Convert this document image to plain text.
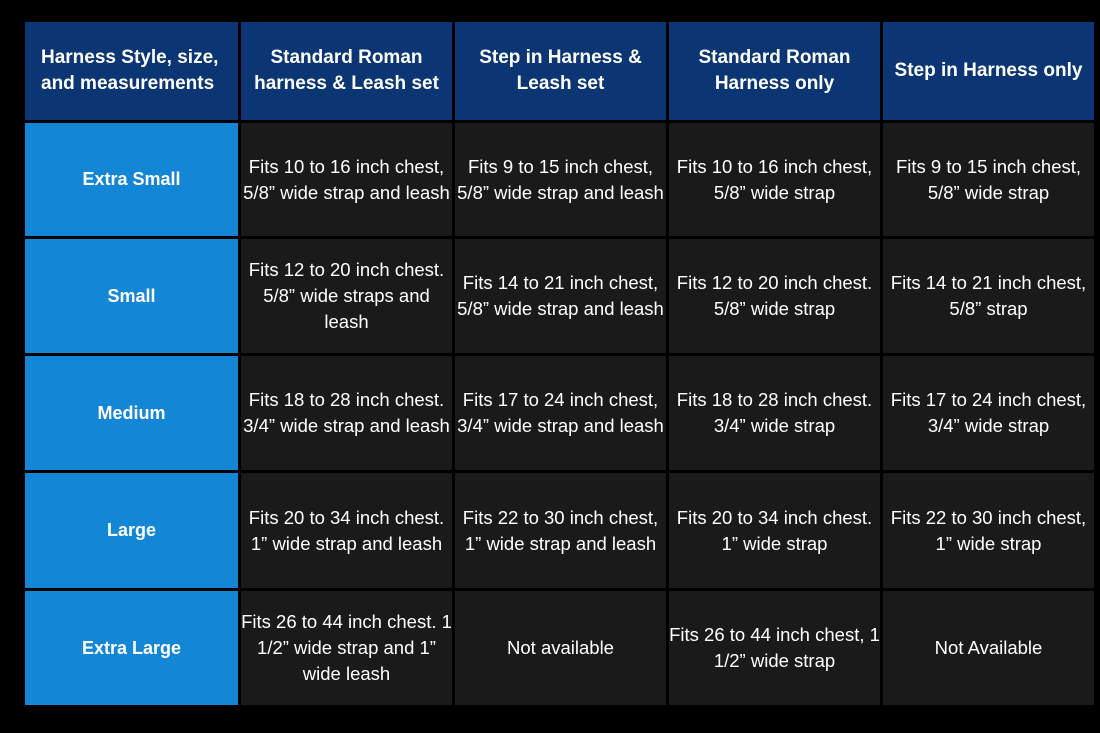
Harness Style, size, and measurements	Standard Roman harness & Leash set	Step in Harness & Leash set	Standard Roman Harness only	Step in Harness only
Extra Small	Fits 10 to 16 inch chest, 5/8” wide strap and leash	Fits 9 to 15 inch chest, 5/8” wide strap and leash	Fits 10 to 16 inch chest, 5/8” wide strap	Fits 9 to 15 inch chest, 5/8” wide strap
Small	Fits 12 to 20 inch chest. 5/8” wide straps and leash	Fits 14 to 21 inch chest, 5/8” wide strap and leash	Fits 12 to 20 inch chest. 5/8” wide strap	Fits 14 to 21 inch chest, 5/8” strap
Medium	Fits 18 to 28 inch chest. 3/4” wide strap and leash	Fits 17 to 24 inch chest, 3/4” wide strap and leash	Fits 18 to 28 inch chest. 3/4” wide strap	Fits 17 to 24 inch chest, 3/4” wide strap
Large	Fits 20 to 34 inch chest. 1” wide strap and leash	Fits 22 to 30 inch chest, 1” wide strap and leash	Fits 20 to 34 inch chest. 1” wide strap	Fits 22 to 30 inch chest, 1” wide strap
Extra Large	Fits 26 to 44 inch chest. 1 1/2” wide strap and 1” wide leash	Not available	Fits 26 to 44 inch chest, 1 1/2” wide strap	Not Available
